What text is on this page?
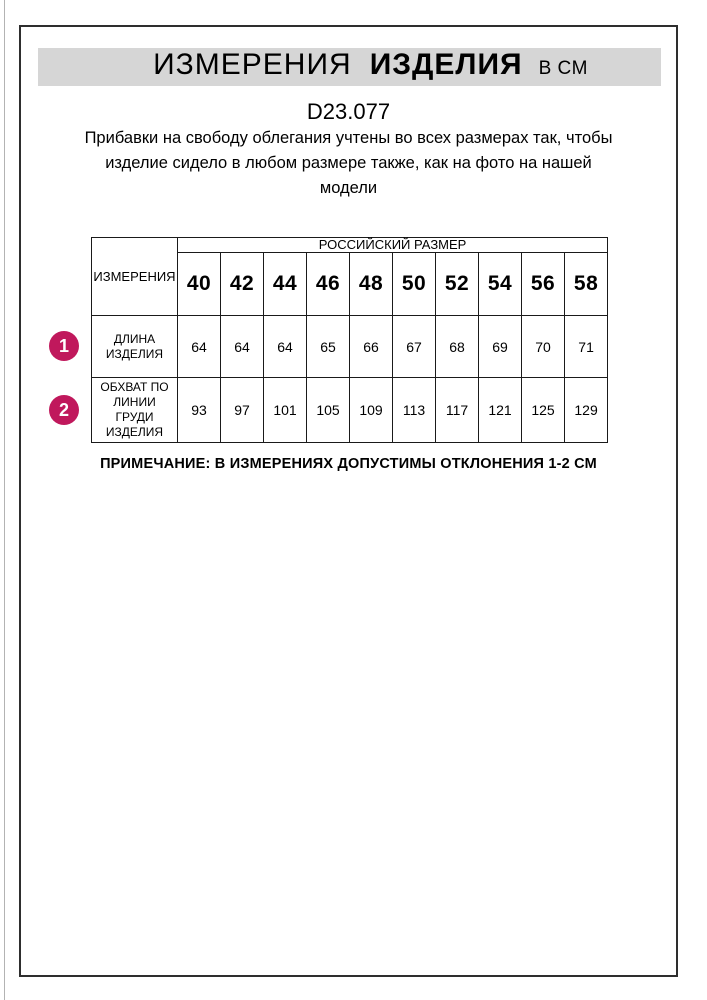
ИЗМЕРЕНИЯ ИЗДЕЛИЯ В СМ
D23.077
Прибавки на свободу облегания учтены во всех размерах так, чтобы
изделие сидело в любом размере также, как на фото на нашей
модели
ИЗМЕРЕНИЯ	РОССИЙСКИЙ РАЗМЕР									
	40	42	44	46	48	50	52	54	56	58
ДЛИНА ИЗДЕЛИЯ	64	64	64	65	66	67	68	69	70	71
ОБХВАТ ПО ЛИНИИ ГРУДИ ИЗДЕЛИЯ	93	97	101	105	109	113	117	121	125	129
ПРИМЕЧАНИЕ: В ИЗМЕРЕНИЯХ ДОПУСТИМЫ ОТКЛОНЕНИЯ 1-2 СМ
1
2
